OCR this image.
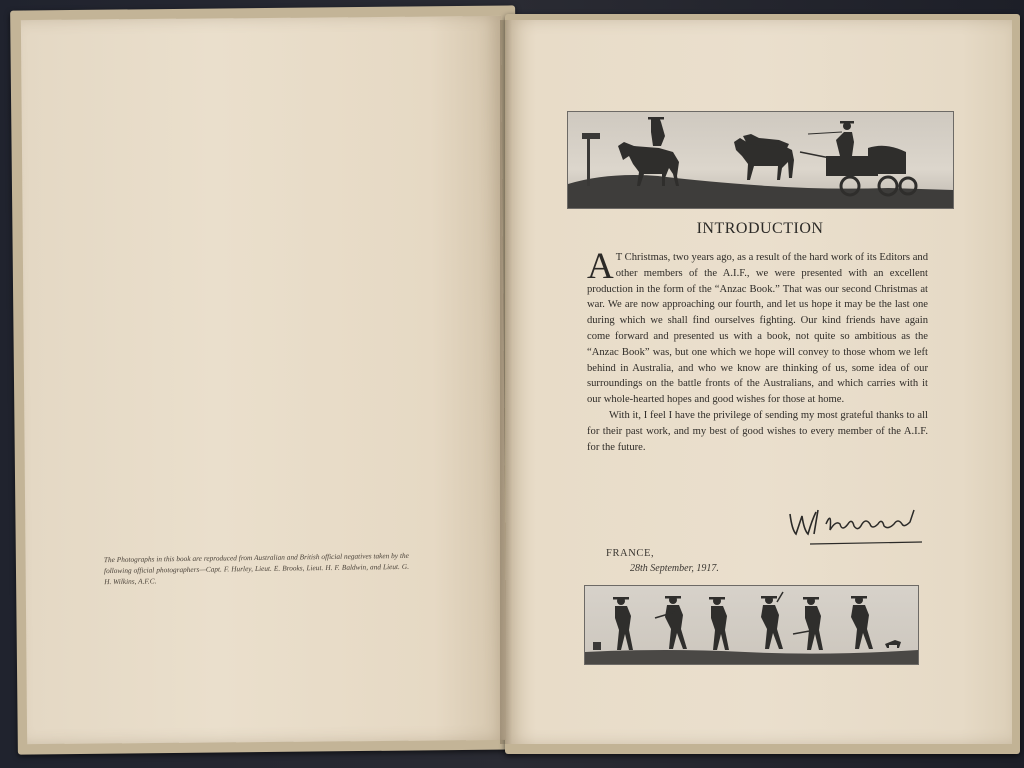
The Photographs in this book are reproduced from Australian and British official negatives taken by the following official photographers—Capt. F. Hurley, Lieut. E. Brooks, Lieut. H. F. Baldwin, and Lieut. G. H. Wilkins, A.F.C.
INTRODUCTION

A T Christmas, two years ago, as a result of the hard work of its Editors and other members of the A.I.F., we were presented with an excellent production in the form of the “Anzac Book.” That was our second Christmas at war. We are now approaching our fourth, and let us hope it may be the last one during which we shall find ourselves fighting. Our kind friends have again come forward and presented us with a book, not quite so ambitious as the “Anzac Book” was, but one which we hope will convey to those whom we left behind in Australia, and who we know are thinking of us, some idea of our surroundings on the battle fronts of the Australians, and which carries with it our whole-hearted hopes and good wishes for those at home.

With it, I feel I have the privilege of sending my most grateful thanks to all for their past work, and my best of good wishes to every member of the A.I.F. for the future.

FRANCE,
28th September, 1917.
